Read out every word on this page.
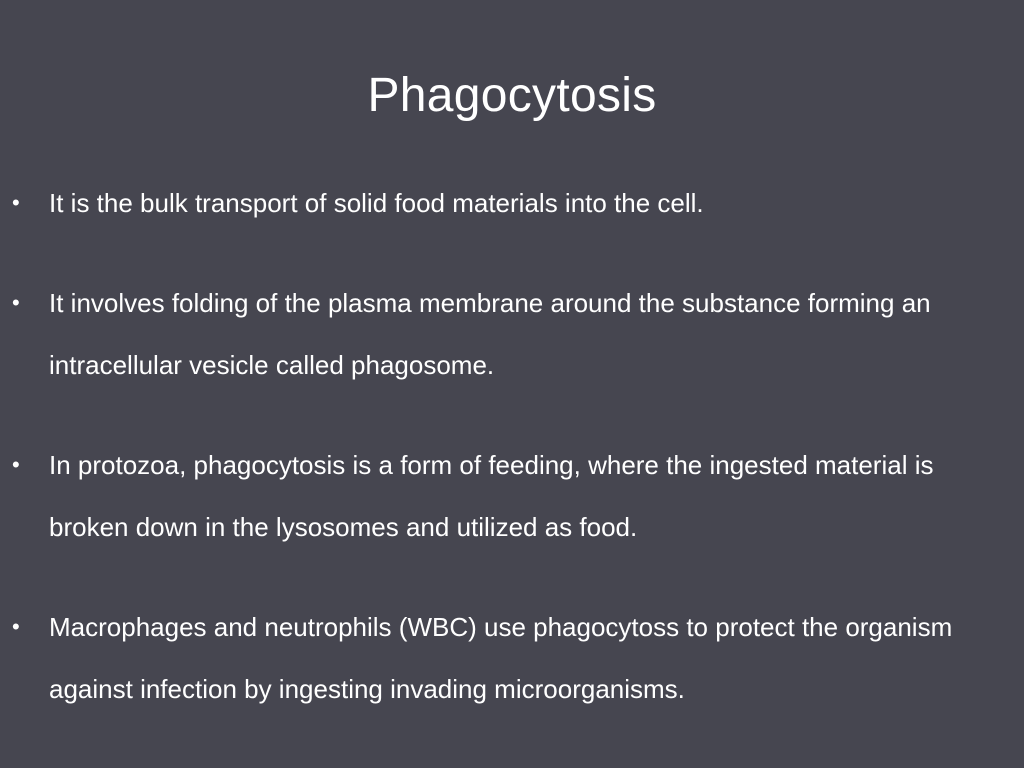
Phagocytosis
• It is the bulk transport of solid food materials into the cell.
• It involves folding of the plasma membrane around the substance forming an intracellular vesicle called phagosome.
• In protozoa, phagocytosis is a form of feeding, where the ingested material is broken down in the lysosomes and utilized as food.
• Macrophages and neutrophils (WBC) use phagocytoss to protect the organism against infection by ingesting invading microorganisms.
